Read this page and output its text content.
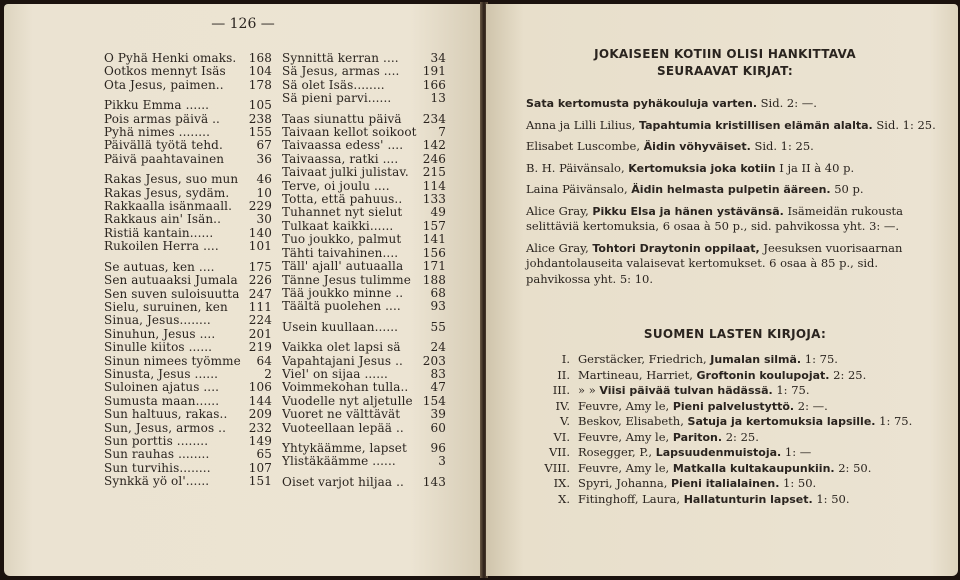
— 126 —
O Pyhä Henki omaks.	168
Ootkos mennyt Isäs	104
Ota Jesus, paimen..	178
Pikku Emma ......	105
Pois armas päivä ..	238
Pyhä nimes ........	155
Päivällä työtä tehd.	67
Päivä paahtavainen	36
Rakas Jesus, suo mun	46
Rakas Jesus, sydäm.	10
Rakkaalla isänmaall.	229
Rakkaus ain' Isän..	30
Ristiä kantain......	140
Rukoilen Herra ....	101
Se autuas, ken ....	175
Sen autuaaksi Jumala 226
Sen suven suloisuutta 247
Sielu, suruinen, ken	111
Sinua, Jesus........	224
Sinuhun, Jesus ....	201
Sinulle kiitos ......	219
Sinun nimees työmme	64
Sinusta, Jesus ......	2
Suloinen ajatus ....	106
Sumusta maan......	144
Sun haltuus, rakas..	209
Sun, Jesus, armos ..	232
Sun porttis ........	149
Sun rauhas ........	65
Sun turvihis........	107
Synkkä yö ol'......	151
Synnittä kerran ....	34
Sä Jesus, armas ....	191
Sä olet Isäs........	166
Sä pieni parvi......	13
Taas siunattu päivä	234
Taivaan kellot soikoot	7
Taivaassa edess' ....	142
Taivaassa, ratki ....	246
Taivaat julki julistav.	215
Terve, oi joulu ....	114
Totta, että pahuus..	133
Tuhannet nyt sielut	49
Tulkaat kaikki......	157
Tuo joukko, palmut	141
Tähti taivahinen....	156
Täll' ajall' autuaalla	171
Tänne Jesus tulimme 188
Tää joukko minne ..	68
Täältä puolehen ....	93
Usein kuullaan......	55
Vaikka olet lapsi sä	24
Vapahtajani Jesus ..	203
Viel' on sijaa ......	83
Voimmekohan tulla..	47
Vuodelle nyt aljetulle 154
Vuoret ne välttävät	39
Vuoteellaan lepää ..	60
Yhtykäämme, lapset	96
Ylistäkäämme ......	3
Öiset varjot hiljaa ..	143
JOKAISEEN KOTIIN OLISI HANKITTAVA
SEURAAVAT KIRJAT:
Sata kertomusta pyhäkouluja varten. Sid. 2: —.
Anna ja Lilli Lilius, Tapahtumia kristillisen elämän alalta. Sid. 1: 25.
Elisabet Luscombe, Äidin vöhyväiset. Sid. 1: 25.
B. H. Päivänsalo, Kertomuksia joka kotiin I ja II à 40 p.
Laina Päivänsalo, Äidin helmasta pulpetin ääreen. 50 p.
Alice Gray, Pikku Elsa ja hänen ystävänsä. Isämeidän rukousta selittäviä kertomuksia, 6 osaa à 50 p., sid. pahvikossa yht. 3: —.
Alice Gray, Tohtori Draytonin oppilaat, Jeesuksen vuorisaarnan johdantolauseita valaisevat kertomukset. 6 osaa à 85 p., sid. pahvikossa yht. 5: 10.
SUOMEN LASTEN KIRJOJA:
I. Gerstäcker, Friedrich, Jumalan silmä. 1: 75.
II. Martineau, Harriet, Groftonin koulupojat. 2: 25.
III. » » Viisi päivää tulvan hädässä. 1: 75.
IV. Feuvre, Amy le, Pieni palvelustyttö. 2: —.
V. Beskov, Elisabeth, Satuja ja kertomuksia lapsille. 1: 75.
VI. Feuvre, Amy le, Pariton. 2: 25.
VII. Rosegger, P., Lapsuudenmuistoja. 1: —
VIII. Feuvre, Amy le, Matkalla kultakaupunkiin. 2: 50.
IX. Spyri, Johanna, Pieni italialainen. 1: 50.
X. Fitinghoff, Laura, Hallatunturin lapset. 1: 50.
